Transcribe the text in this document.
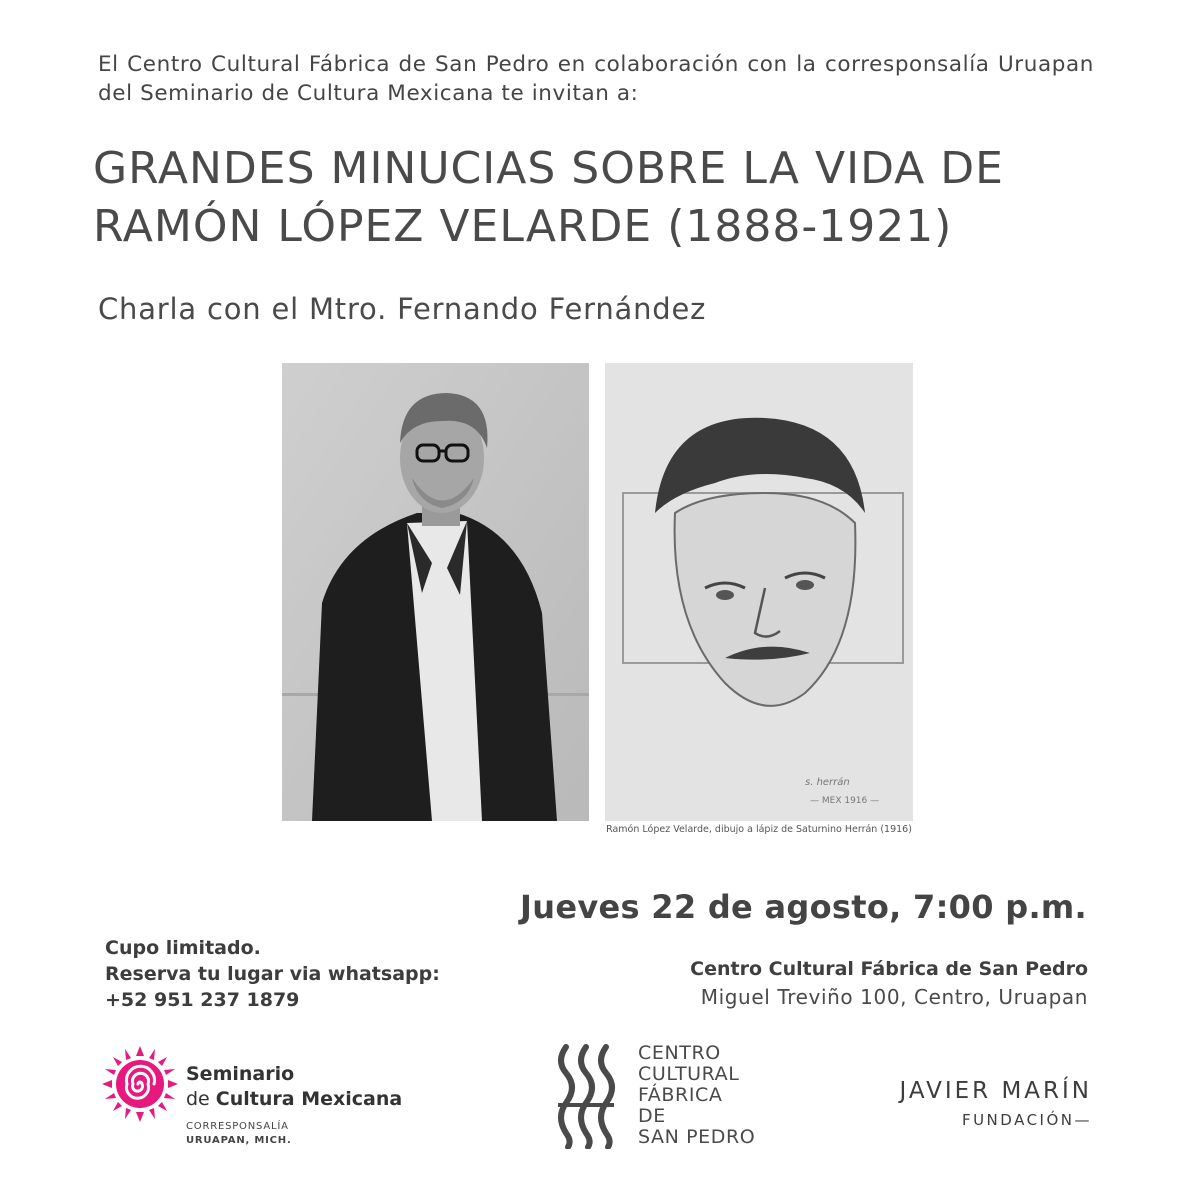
El Centro Cultural Fábrica de San Pedro en colaboración con la corresponsalía Uruapan del Seminario de Cultura Mexicana te invitan a:
GRANDES MINUCIAS SOBRE LA VIDA DE
RAMÓN LÓPEZ VELARDE (1888-1921)
Charla con el Mtro. Fernando Fernández
s. herrán
— MEX 1916 —
Ramón López Velarde, dibujo a lápiz de Saturnino Herrán (1916)
Jueves 22 de agosto, 7:00 p.m.
Centro Cultural Fábrica de San Pedro
Miguel Treviño 100, Centro, Uruapan
Cupo limitado.
Reserva tu lugar via whatsapp:
+52 951 237 1879
Seminario
de Cultura Mexicana
CORRESPONSALÍA
URUAPAN, MICH.
CENTRO
CULTURAL
FÁBRICA
DE
SAN PEDRO
JAVIER MARÍN
FUNDACIÓN—
